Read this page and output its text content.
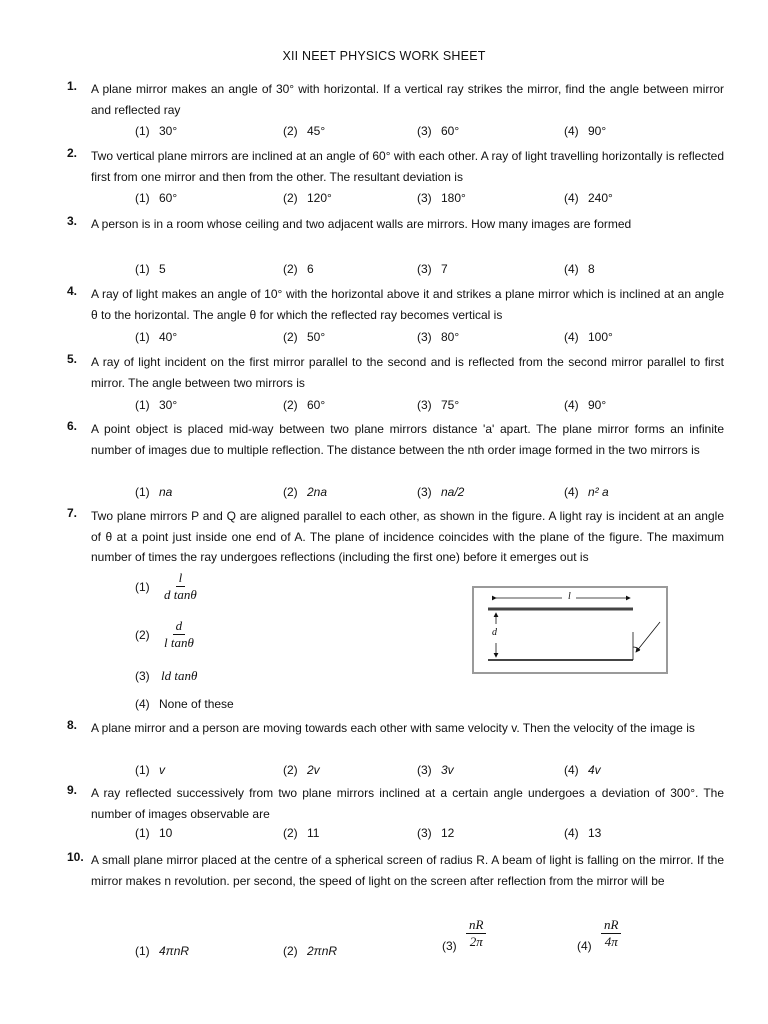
XII NEET PHYSICS WORK SHEET
1. A plane mirror makes an angle of 30° with horizontal. If a vertical ray strikes the mirror, find the angle between mirror and reflected ray
(1) 30°	(2) 45°	(3) 60°	(4) 90°
2. Two vertical plane mirrors are inclined at an angle of 60° with each other. A ray of light travelling horizontally is reflected first from one mirror and then from the other. The resultant deviation is
(1) 60°	(2) 120°	(3) 180°	(4) 240°
3. A person is in a room whose ceiling and two adjacent walls are mirrors. How many images are formed
(1) 5	(2) 6	(3) 7	(4) 8
4. A ray of light makes an angle of 10° with the horizontal above it and strikes a plane mirror which is inclined at an angle θ to the horizontal. The angle θ for which the reflected ray becomes vertical is
(1) 40°	(2) 50°	(3) 80°	(4) 100°
5. A ray of light incident on the first mirror parallel to the second and is reflected from the second mirror parallel to first mirror. The angle between two mirrors is
(1) 30°	(2) 60°	(3) 75°	(4) 90°
6. A point object is placed mid-way between two plane mirrors distance 'a' apart. The plane mirror forms an infinite number of images due to multiple reflection. The distance between the nth order image formed in the two mirrors is
(1) na	(2) 2na	(3) na/2	(4) n² a
7. Two plane mirrors P and Q are aligned parallel to each other, as shown in the figure. A light ray is incident at an angle of θ at a point just inside one end of A. The plane of incidence coincides with the plane of the figure. The maximum number of times the ray undergoes reflections (including the first one) before it emerges out is
$(1) \frac{l}{\text{d tanθ}}$
$(2) \frac{d}{\text{l tanθ}}$
(3) ld tanθ
(4) None of these
l
d
8. A plane mirror and a person are moving towards each other with same velocity v. Then the velocity of the image is
(1) v	(2) 2v	(3) 3v	(4) 4v
9. A ray reflected successively from two plane mirrors inclined at a certain angle undergoes a deviation of 300°. The number of images observable are
(1) 10	(2) 11	(3) 12	(4) 13
10. A small plane mirror placed at the centre of a spherical screen of radius R. A beam of light is falling on the mirror. If the mirror makes n revolution. per second, the speed of light on the screen after reflection from the mirror will be
(1) 4πnR	(2) 2πnR	$(3) \frac{nR}{2\pi}$	$(4) \frac{nR}{4\pi}$
